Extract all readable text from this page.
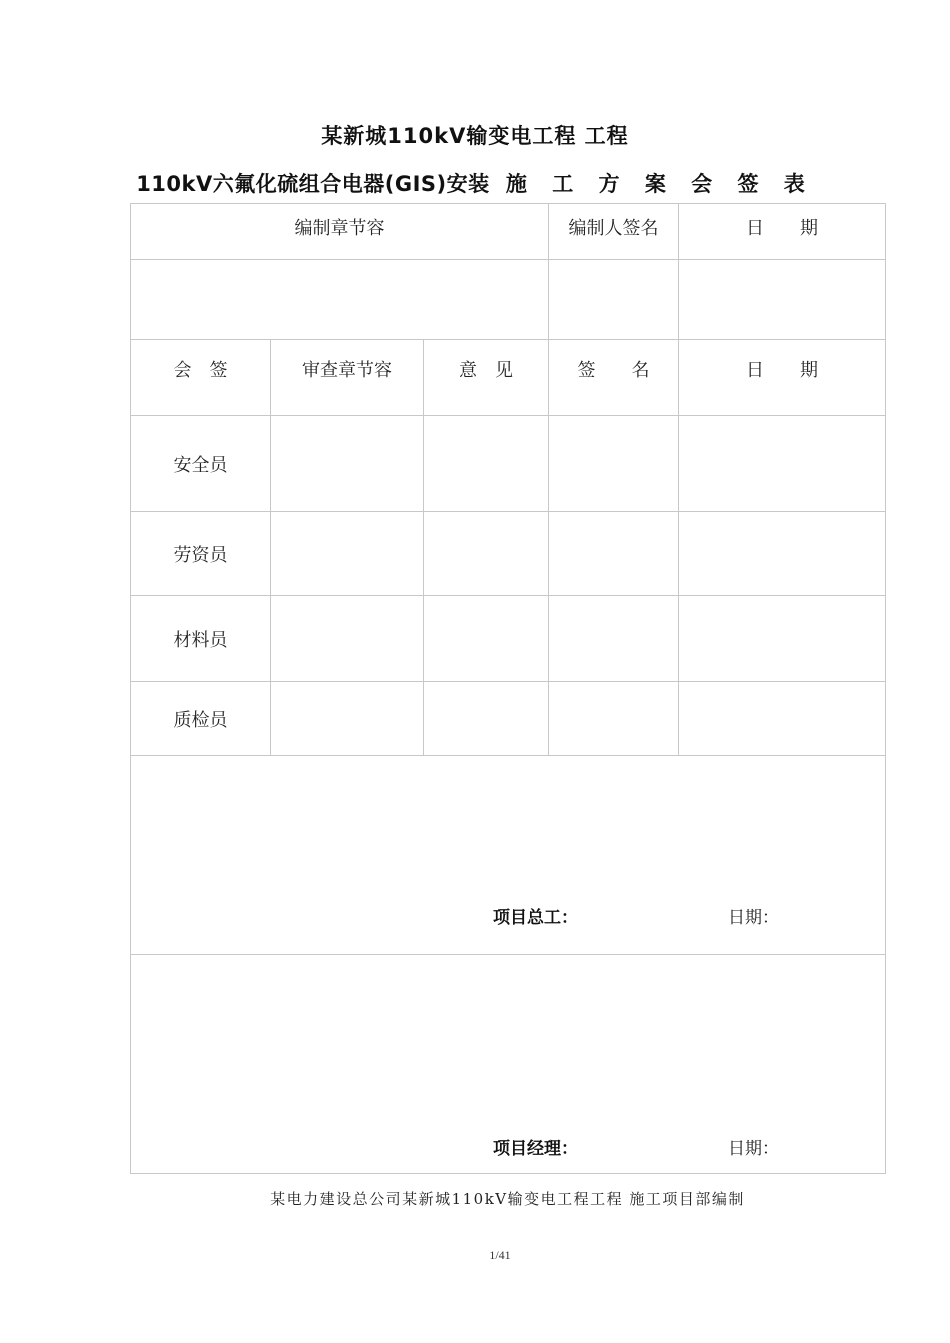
某新城110kV输变电工程 工程
110kV六氟化硫组合电器(GIS)安装 施 工 方 案 会 签 表
编制章节容	编制人签名	日　　期
会　签	审查章节容	意　见	签　　名	日　　期
安全员
劳资员
材料员
质检员
项目总工：	日期：
项目经理：	日期：
某电力建设总公司某新城110kV输变电工程工程 施工项目部编制
1/41
